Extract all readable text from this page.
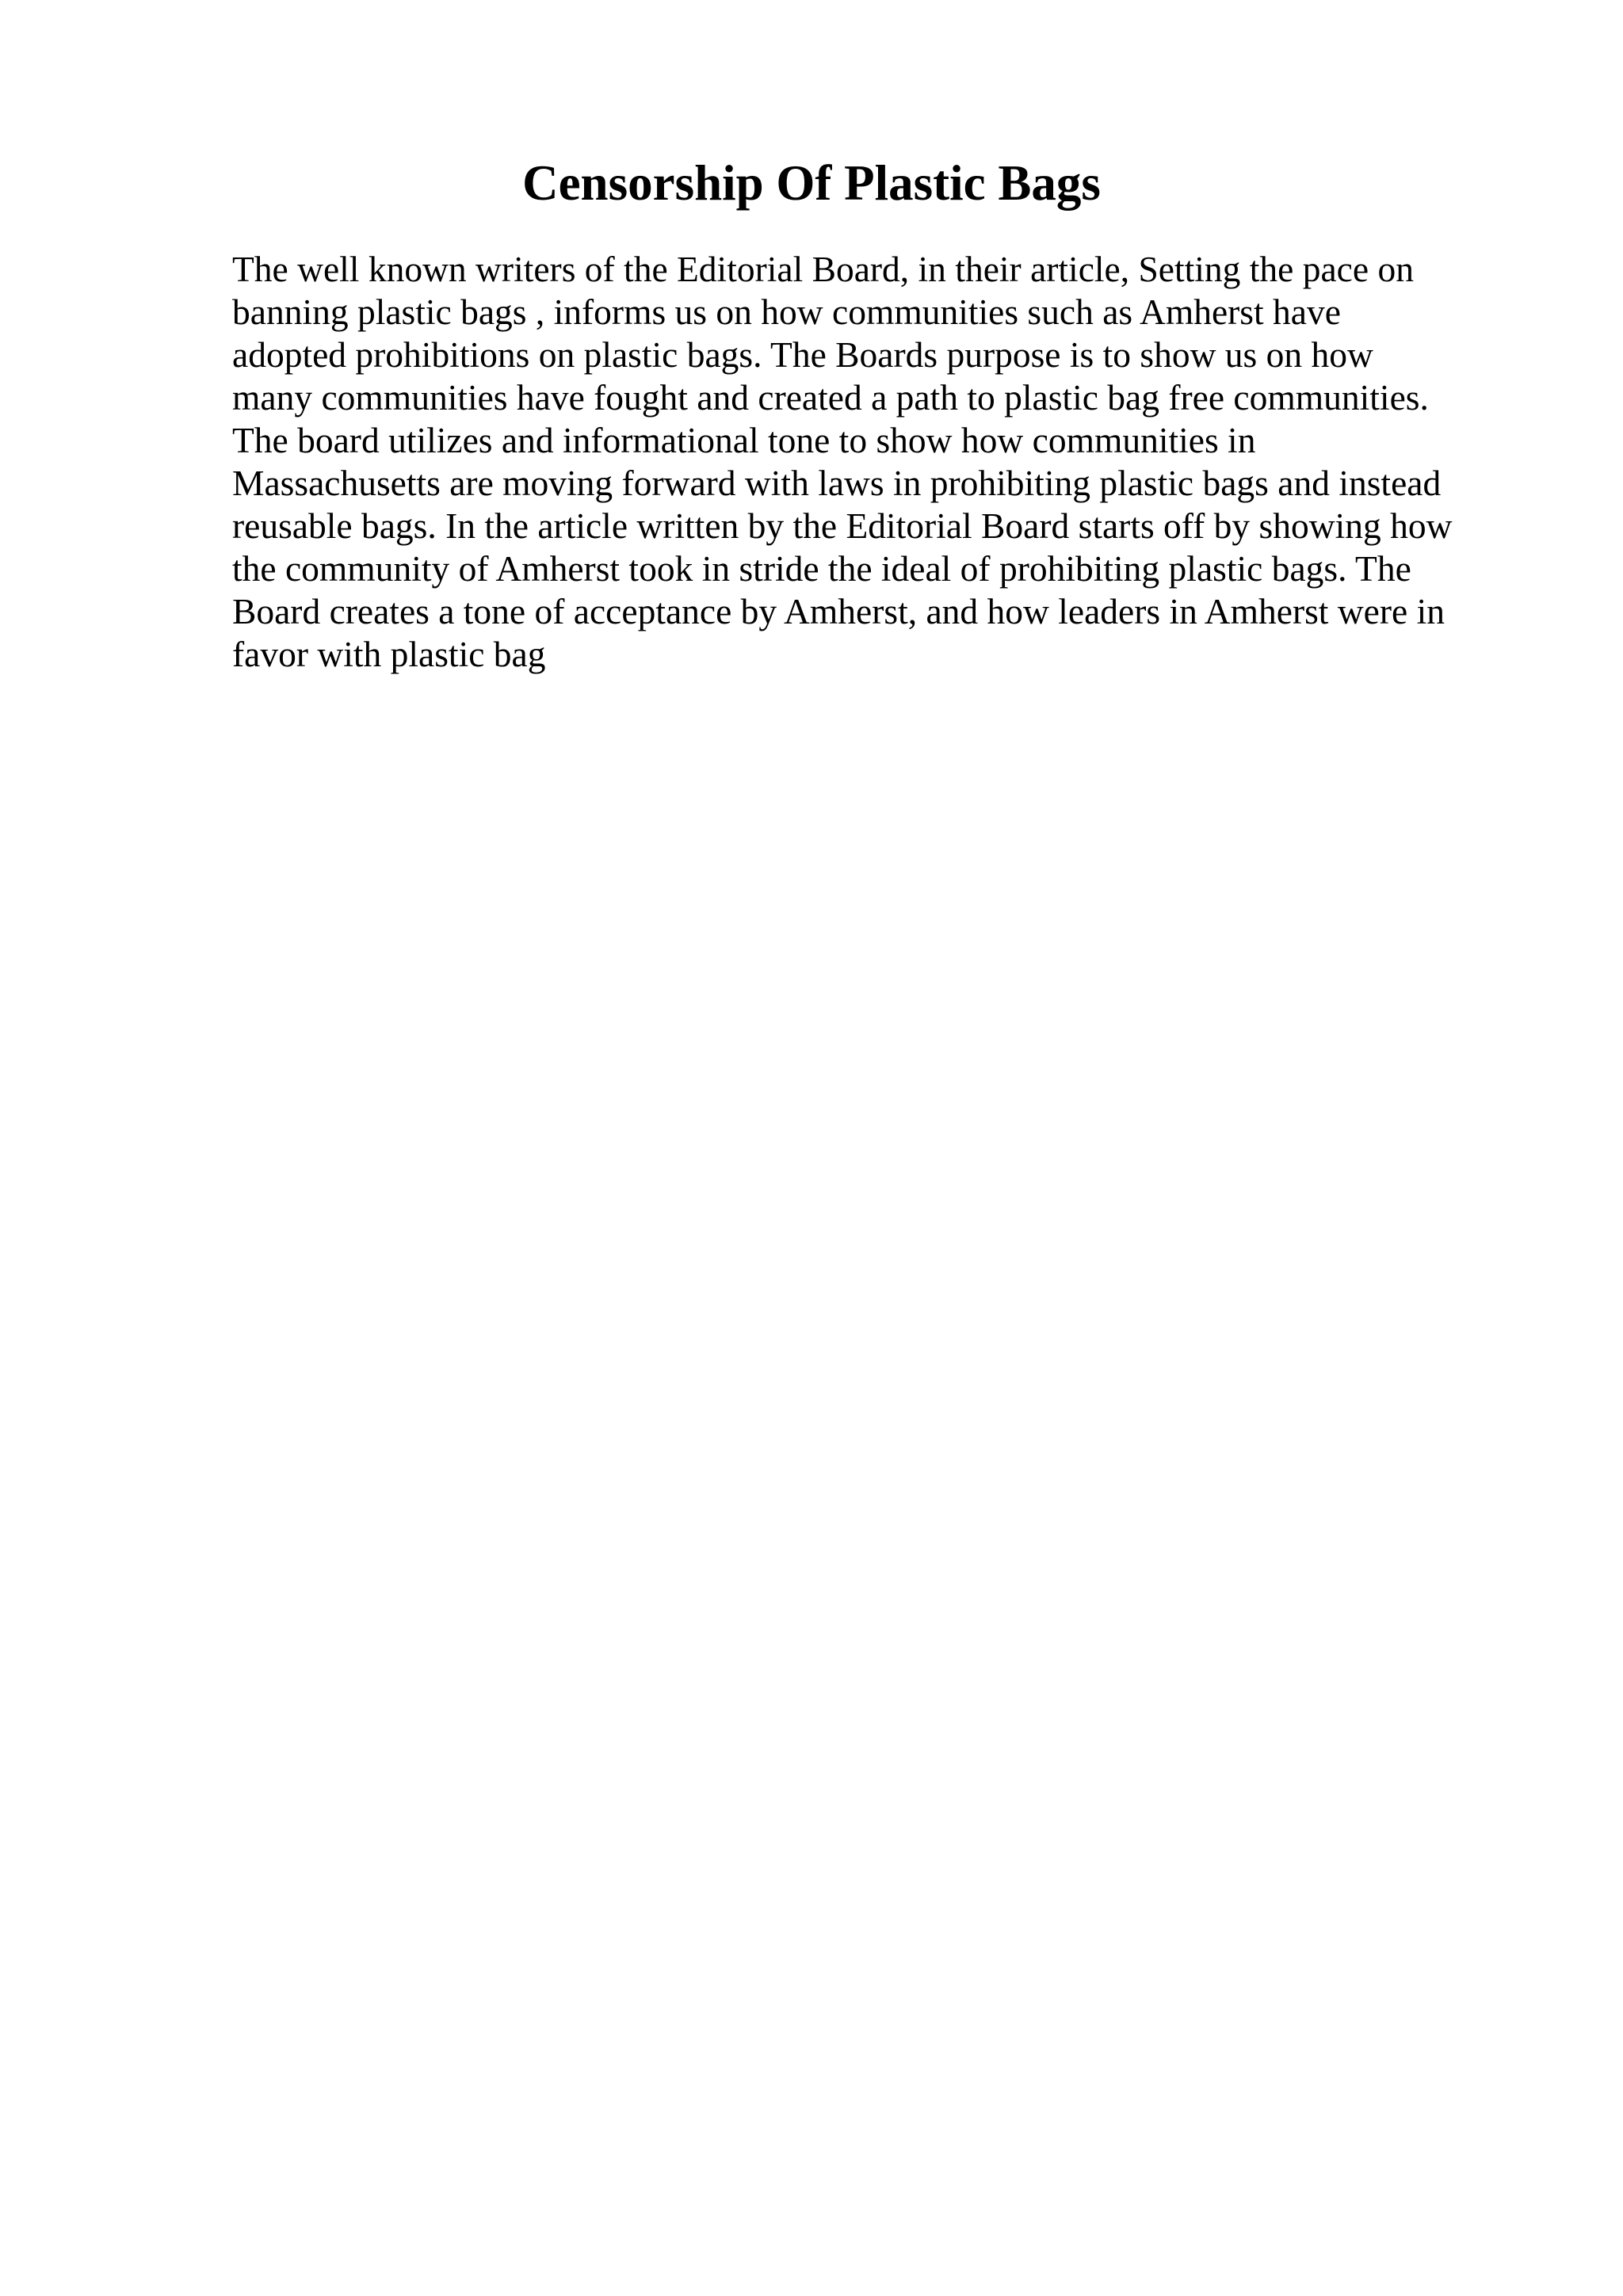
Censorship Of Plastic Bags
The well known writers of the Editorial Board, in their article, Setting the pace on
banning plastic bags , informs us on how communities such as Amherst have
adopted prohibitions on plastic bags. The Boards purpose is to show us on how
many communities have fought and created a path to plastic bag free communities.
The board utilizes and informational tone to show how communities in
Massachusetts are moving forward with laws in prohibiting plastic bags and instead
reusable bags. In the article written by the Editorial Board starts off by showing how
the community of Amherst took in stride the ideal of prohibiting plastic bags. The
Board creates a tone of acceptance by Amherst, and how leaders in Amherst were in
favor with plastic bag
